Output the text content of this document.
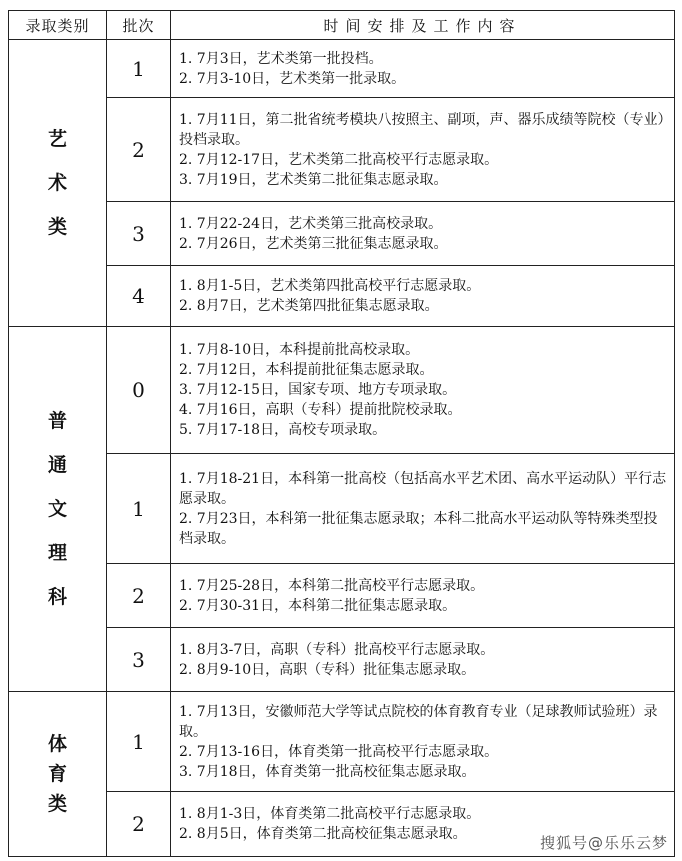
录取类别	批次	时间安排及工作内容

艺
术
类	1	1. 7月3日，艺术类第一批投档。
2. 7月3-10日，艺术类第一批录取。

	2	1. 7月11日，第二批省统考模块八按照主、副项，声、器乐成绩等院校（专业）投档录取。
2. 7月12-17日，艺术类第二批高校平行志愿录取。
3. 7月19日，艺术类第二批征集志愿录取。

	3	1. 7月22-24日，艺术类第三批高校录取。
2. 7月26日，艺术类第三批征集志愿录取。

	4	1. 8月1-5日，艺术类第四批高校平行志愿录取。
2. 8月7日，艺术类第四批征集志愿录取。

普
通
文
理
科	0	1. 7月8-10日，本科提前批高校录取。
2. 7月12日，本科提前批征集志愿录取。
3. 7月12-15日，国家专项、地方专项录取。
4. 7月16日，高职（专科）提前批院校录取。
5. 7月17-18日，高校专项录取。

	1	1. 7月18-21日，本科第一批高校（包括高水平艺术团、高水平运动队）平行志愿录取。
2. 7月23日，本科第一批征集志愿录取；本科二批高水平运动队等特殊类型投档录取。

	2	1. 7月25-28日，本科第二批高校平行志愿录取。
2. 7月30-31日，本科第二批征集志愿录取。

	3	1. 8月3-7日，高职（专科）批高校平行志愿录取。
2. 8月9-10日，高职（专科）批征集志愿录取。

体
育
类	1	1. 7月13日，安徽师范大学等试点院校的体育教育专业（足球教师试验班）录取。
2. 7月13-16日，体育类第一批高校平行志愿录取。
3. 7月18日，体育类第一批高校征集志愿录取。

	2	1. 8月1-3日，体育类第二批高校平行志愿录取。
2. 8月5日，体育类第二批高校征集志愿录取。	搜狐号@乐乐云梦
